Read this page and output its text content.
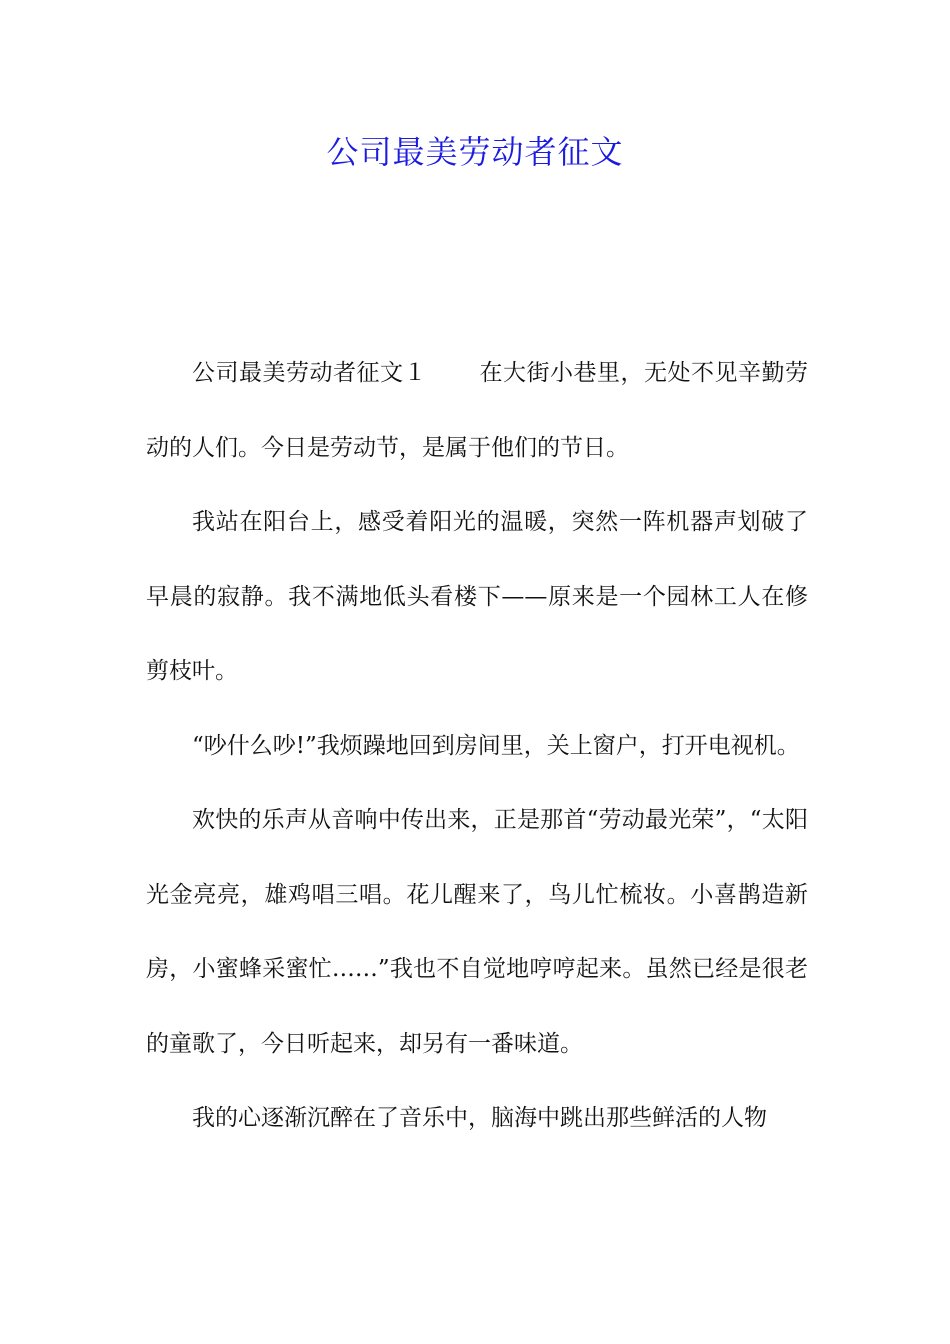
公司最美劳动者征文

公司最美劳动者征文１ 在大街小巷里，无处不见辛勤劳动的人们。今日是劳动节，是属于他们的节日。

我站在阳台上，感受着阳光的温暖，突然一阵机器声划破了早晨的寂静。我不满地低头看楼下——原来是一个园林工人在修剪枝叶。

“吵什么吵!”我烦躁地回到房间里，关上窗户，打开电视机。

欢快的乐声从音响中传出来，正是那首“劳动最光荣”，“太阳光金亮亮，雄鸡唱三唱。花儿醒来了，鸟儿忙梳妆。小喜鹊造新房，小蜜蜂采蜜忙……”我也不自觉地哼哼起来。虽然已经是很老的童歌了，今日听起来，却另有一番味道。

我的心逐渐沉醉在了音乐中，脑海中跳出那些鲜活的人物
